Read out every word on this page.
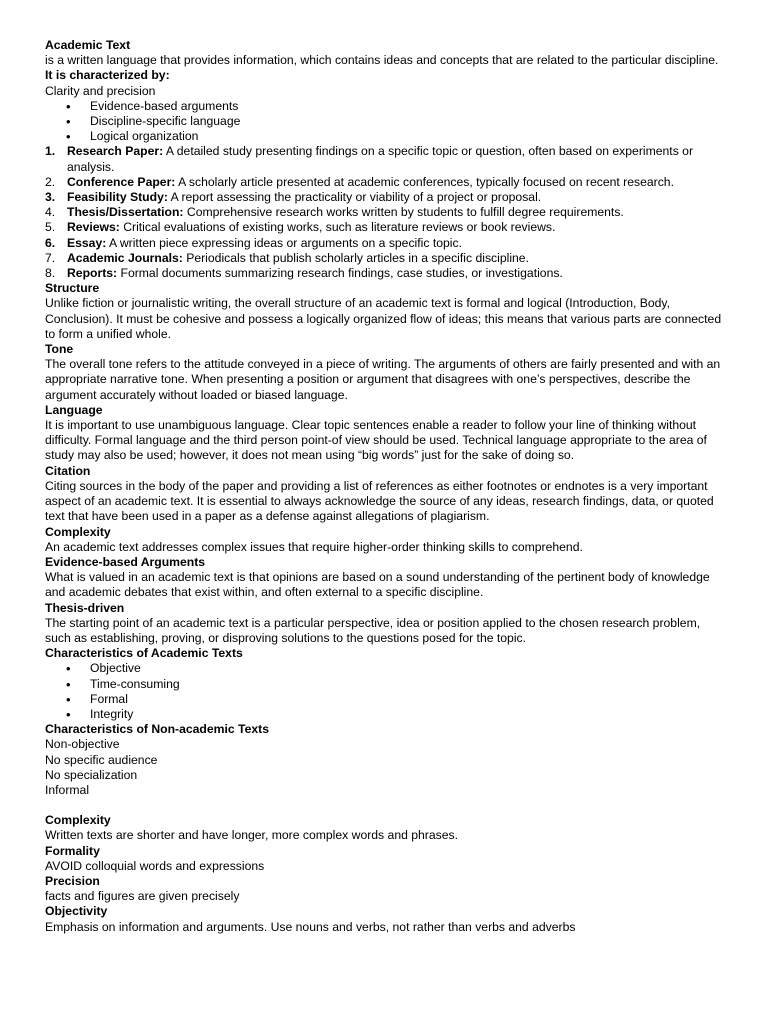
Academic Text

is a written language that provides information, which contains ideas and concepts that are related to the particular discipline.

It is characterized by:
Clarity and precision
• Evidence-based arguments
• Discipline-specific language
• Logical organization
1. Research Paper: A detailed study presenting findings on a specific topic or question, often based on experiments or analysis.
2. Conference Paper: A scholarly article presented at academic conferences, typically focused on recent research.
3. Feasibility Study: A report assessing the practicality or viability of a project or proposal.
4. Thesis/Dissertation: Comprehensive research works written by students to fulfill degree requirements.
5. Reviews: Critical evaluations of existing works, such as literature reviews or book reviews.
6. Essay: A written piece expressing ideas or arguments on a specific topic.
7. Academic Journals: Periodicals that publish scholarly articles in a specific discipline.
8. Reports: Formal documents summarizing research findings, case studies, or investigations.
Structure

Unlike fiction or journalistic writing, the overall structure of an academic text is formal and logical (Introduction, Body, Conclusion). It must be cohesive and possess a logically organized flow of ideas; this means that various parts are connected to form a unified whole.

Tone

The overall tone refers to the attitude conveyed in a piece of writing. The arguments of others are fairly presented and with an appropriate narrative tone. When presenting a position or argument that disagrees with one’s perspectives, describe the argument accurately without loaded or biased language.

Language

It is important to use unambiguous language. Clear topic sentences enable a reader to follow your line of thinking without difficulty. Formal language and the third person point-of view should be used. Technical language appropriate to the area of study may also be used; however, it does not mean using “big words” just for the sake of doing so.

Citation

Citing sources in the body of the paper and providing a list of references as either footnotes or endnotes is a very important aspect of an academic text. It is essential to always acknowledge the source of any ideas, research findings, data, or quoted text that have been used in a paper as a defense against allegations of plagiarism.

Complexity

An academic text addresses complex issues that require higher-order thinking skills to comprehend.

Evidence-based Arguments

What is valued in an academic text is that opinions are based on a sound understanding of the pertinent body of knowledge and academic debates that exist within, and often external to a specific discipline.

Thesis-driven

The starting point of an academic text is a particular perspective, idea or position applied to the chosen research problem, such as establishing, proving, or disproving solutions to the questions posed for the topic.

Characteristics of Academic Texts
• Objective
• Time-consuming
• Formal
• Integrity
Characteristics of Non-academic Texts
Non-objective
No specific audience
No specialization
Informal
Complexity
Written texts are shorter and have longer, more complex words and phrases.
Formality
AVOID colloquial words and expressions
Precision
facts and figures are given precisely
Objectivity
Emphasis on information and arguments. Use nouns and verbs, not rather than verbs and adverbs
